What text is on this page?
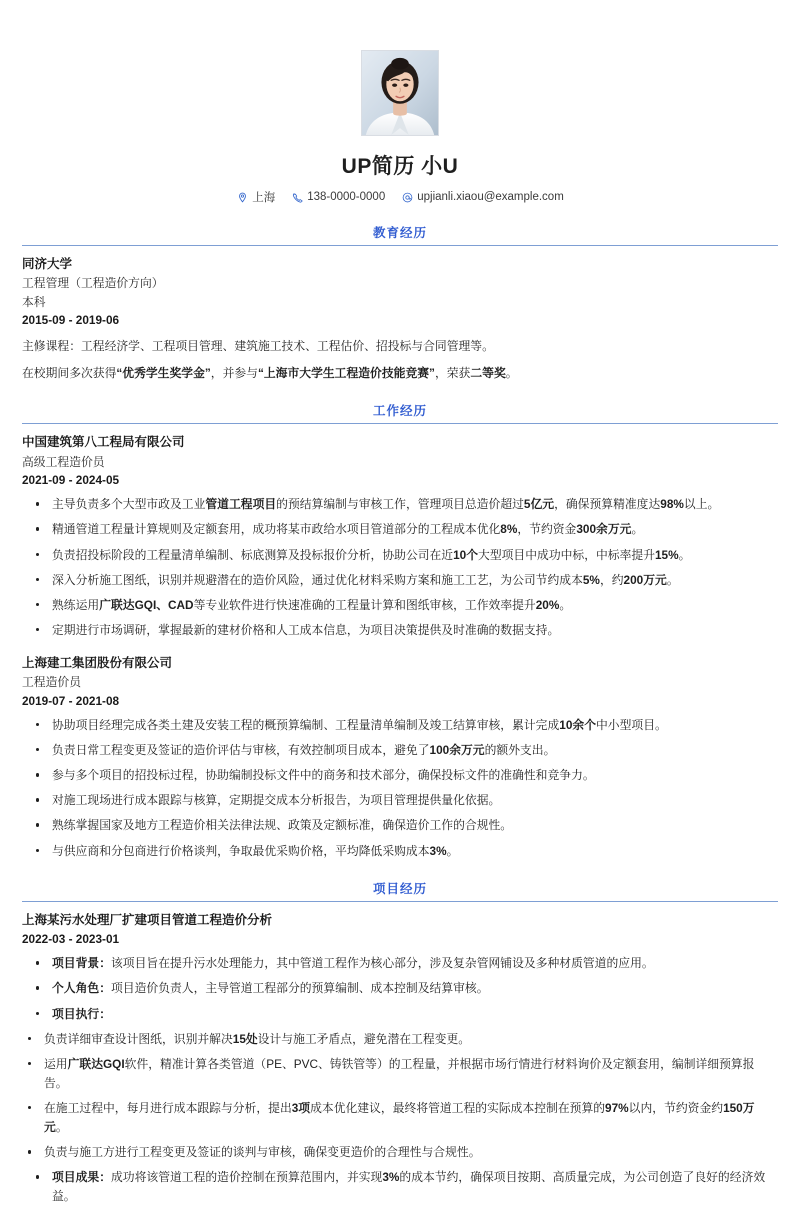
UP简历 小U
上海	138-0000-0000	upjianli.xiaou@example.com
教育经历
同济大学
工程管理（工程造价方向）
本科
2015-09 - 2019-06
主修课程：工程经济学、工程项目管理、建筑施工技术、工程估价、招投标与合同管理等。
在校期间多次获得“优秀学生奖学金”，并参与“上海市大学生工程造价技能竞赛”，荣获二等奖。
工作经历
中国建筑第八工程局有限公司
高级工程造价员
2021-09 - 2024-05
主导负责多个大型市政及工业管道工程项目的预结算编制与审核工作，管理项目总造价超过5亿元，确保预算精准度达98%以上。
精通管道工程量计算规则及定额套用，成功将某市政给水项目管道部分的工程成本优化8%，节约资金300余万元。
负责招投标阶段的工程量清单编制、标底测算及投标报价分析，协助公司在近10个大型项目中成功中标，中标率提升15%。
深入分析施工图纸，识别并规避潜在的造价风险，通过优化材料采购方案和施工工艺，为公司节约成本5%，约200万元。
熟练运用广联达GQI、CAD等专业软件进行快速准确的工程量计算和图纸审核，工作效率提升20%。
定期进行市场调研，掌握最新的建材价格和人工成本信息，为项目决策提供及时准确的数据支持。
上海建工集团股份有限公司
工程造价员
2019-07 - 2021-08
协助项目经理完成各类土建及安装工程的概预算编制、工程量清单编制及竣工结算审核，累计完成10余个中小型项目。
负责日常工程变更及签证的造价评估与审核，有效控制项目成本，避免了100余万元的额外支出。
参与多个项目的招投标过程，协助编制投标文件中的商务和技术部分，确保投标文件的准确性和竞争力。
对施工现场进行成本跟踪与核算，定期提交成本分析报告，为项目管理提供量化依据。
熟练掌握国家及地方工程造价相关法律法规、政策及定额标准，确保造价工作的合规性。
与供应商和分包商进行价格谈判，争取最优采购价格，平均降低采购成本3%。
项目经历
上海某污水处理厂扩建项目管道工程造价分析
2022-03 - 2023-01
项目背景：该项目旨在提升污水处理能力，其中管道工程作为核心部分，涉及复杂管网铺设及多种材质管道的应用。
个人角色：项目造价负责人，主导管道工程部分的预算编制、成本控制及结算审核。
项目执行：
负责详细审查设计图纸，识别并解决15处设计与施工矛盾点，避免潜在工程变更。
运用广联达GQI软件，精准计算各类管道（PE、PVC、铸铁管等）的工程量，并根据市场行情进行材料询价及定额套用，编制详细预算报告。
在施工过程中，每月进行成本跟踪与分析，提出3项成本优化建议，最终将管道工程的实际成本控制在预算的97%以内，节约资金约150万元。
负责与施工方进行工程变更及签证的谈判与审核，确保变更造价的合理性与合规性。
项目成果：成功将该管道工程的造价控制在预算范围内，并实现3%的成本节约，确保项目按期、高质量完成，为公司创造了良好的经济效益。
